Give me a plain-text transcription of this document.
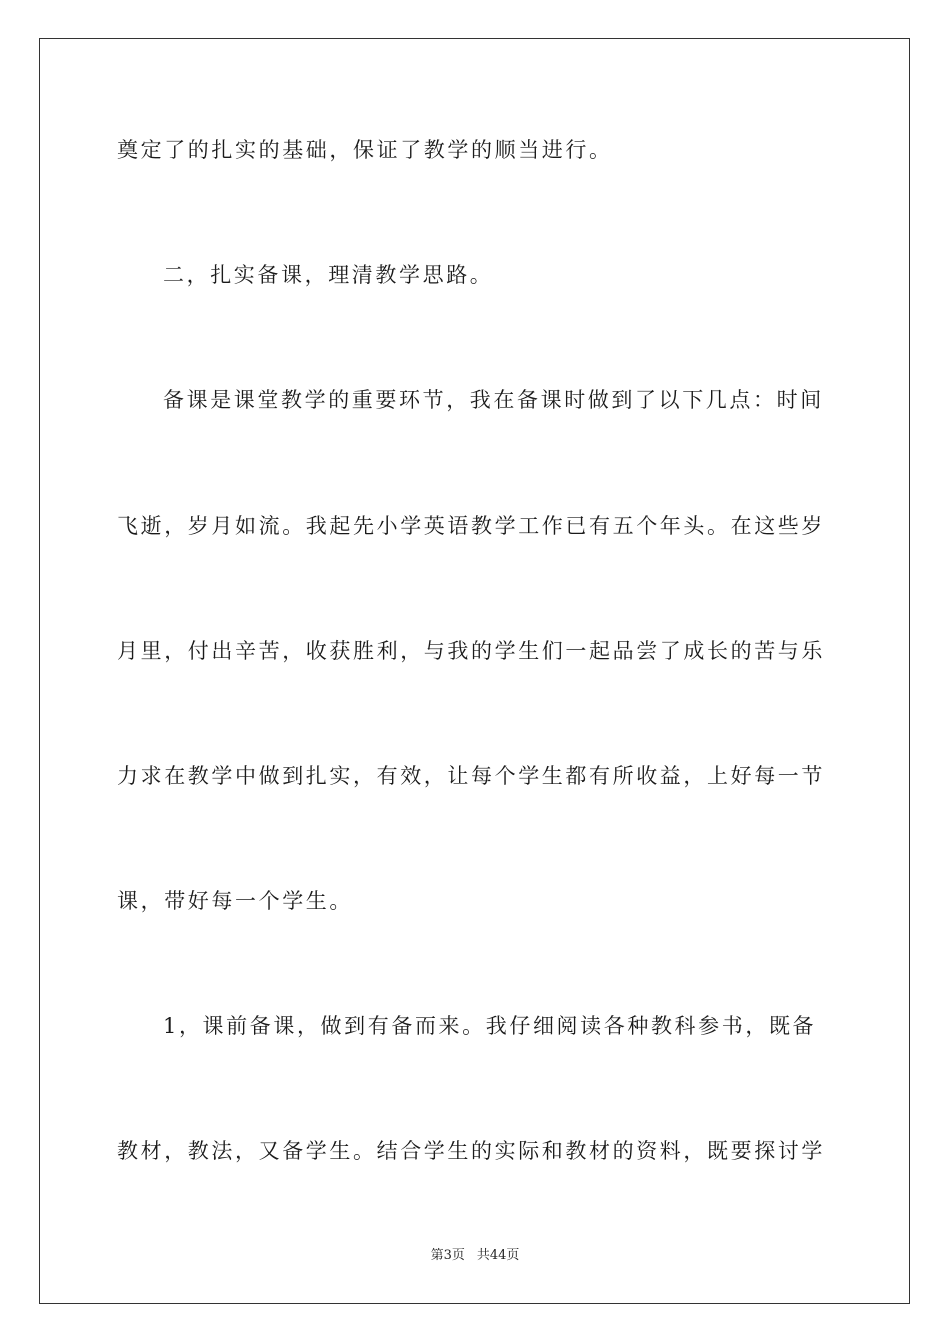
奠定了的扎实的基础，保证了教学的顺当进行。
二，扎实备课，理清教学思路。
备课是课堂教学的重要环节，我在备课时做到了以下几点：时间
飞逝，岁月如流。我起先小学英语教学工作已有五个年头。在这些岁
月里，付出辛苦，收获胜利，与我的学生们一起品尝了成长的苦与乐
力求在教学中做到扎实，有效，让每个学生都有所收益，上好每一节
课，带好每一个学生。
1，课前备课，做到有备而来。我仔细阅读各种教科参书，既备
教材，教法，又备学生。结合学生的实际和教材的资料，既要探讨学
第3页 共44页
